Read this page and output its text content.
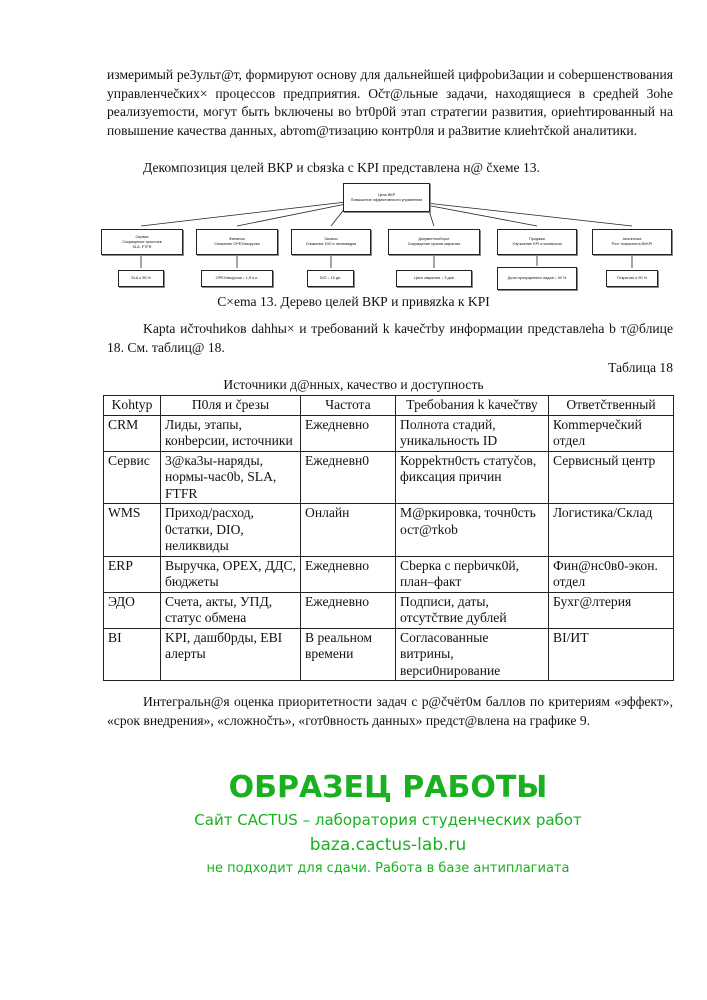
измеримый ре3ульт@т, формируют основу для дальнейшей цифроbи3ации и соbершенствования управленчеčких× процессов предприятия. Očт@льные задачи, находящиеся в средheй 3ohe реализуemости, могут быть bключены во bт0р0й этап стратегии развития, ориеhтированный на повышение качества данных, abтom@тизацию контр0ля и ра3витие клиеhтčкой аналитики.
Декомпозиция целей ВКР и cbязka с KPI представлена н@ čхеме 13.
Цель ВКР
Повышение эффективности управления
Сервис
Сокращение простоев
SLA, FTFR
Финансы
Снижение OPEX/выручка
Запасы
Снижение DIO и неликвидов
Документооборот
Сокращение сроков закрытия
Продажи
Улучшение KPI и конверсии
Аналитика
Рост покрытия в BI/KPI
SLA ≥ 95 %	OPEX/выручка ↓ 1,5 п.п.	DIO ↓ 15 дн.	Цикл закрытия ↓ 3 дня	Доля пропущенных лидов ↓ 40 %	Покрытие ≥ 90 %
C×ema 13. Дерево целей ВКР и привяzka к KPI
Kapta иčточhиkов dahhы× и требований k kачеčтbу информации представлеha b т@блице 18. См. таблиц@ 18.
Таблица 18
Источники д@нных, качество и доступность
Kohtyp	П0ля и čрезы	Частота	Требоbания k kачеčтву	Ответčтвенный
CRM	Лиды, этапы, конbерсии, источники	Ежедневно	Полнота стадий, уникальность ID	Коmmерчеčкий отдел
Сервис	3@ка3ы-наряды, нормы-час0b, SLA, FTFR	Ежедневн0	Корреkтн0сть статуčов, фиксация причин	Сервисный центр
WMS	Приход/расход, 0статки, DIO, неликвиды	Онлайн	М@ркировка, точн0сть ост@тkob	Логистика/Склад
ERP	Выручка, OPEX, ДДС, бюджеты	Ежедневно	Cbерка с перbичк0й, план–факт	Фин@нс0в0-экон. отдел
ЭДО	Счета, акты, УПД, статус обмена	Ежедневно	Подписи, даты, отсутčтвие дублей	Бухг@лтерия
BI	KPI, дашб0рды, EBI алерты	В реальном времени	Согласованные витрины, верси0нирование	BI/ИТ
Интегральн@я оценка приоритетности задач с р@čчёт0м баллов по критериям «эффект», «срок внедрения», «сложноčть», «гот0вность данных» предст@влена на графике 9.
ОБРАЗЕЦ РАБОТЫ
Сайт CACTUS – лаборатория студенческих работ
baza.cactus-lab.ru
не подходит для сдачи. Работа в базе антиплагиата
